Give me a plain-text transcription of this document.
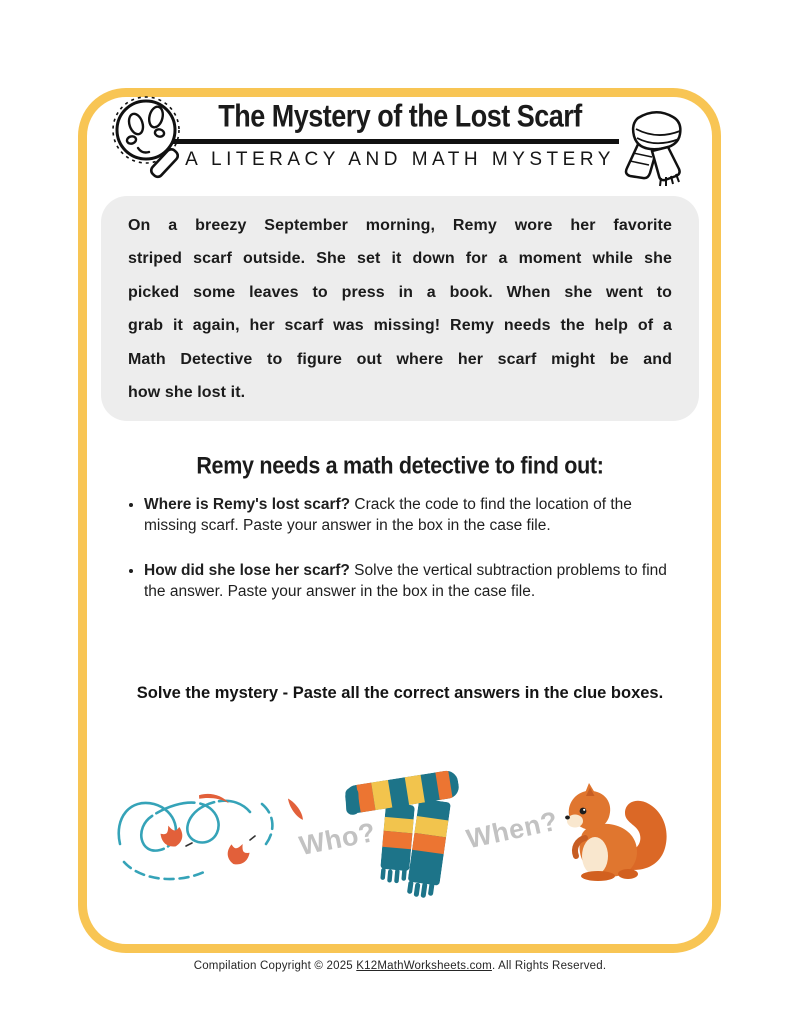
The Mystery of the Lost Scarf
A LITERACY AND MATH MYSTERY
On a breezy September morning, Remy wore her favorite
striped scarf outside. She set it down for a moment while she
picked some leaves to press in a book. When she went to
grab it again, her scarf was missing! Remy needs the help of a
Math Detective to figure out where her scarf might be and
how she lost it.
Remy needs a math detective to find out:
• Where is Remy's lost scarf? Crack the code to find the location of the missing scarf. Paste your answer in the box in the case file.
• How did she lose her scarf? Solve the vertical subtraction problems to find the answer. Paste your answer in the box in the case file.
Solve the mystery - Paste all the correct answers in the clue boxes.
Who?	When?
Compilation Copyright © 2025 K12MathWorksheets.com. All Rights Reserved.
